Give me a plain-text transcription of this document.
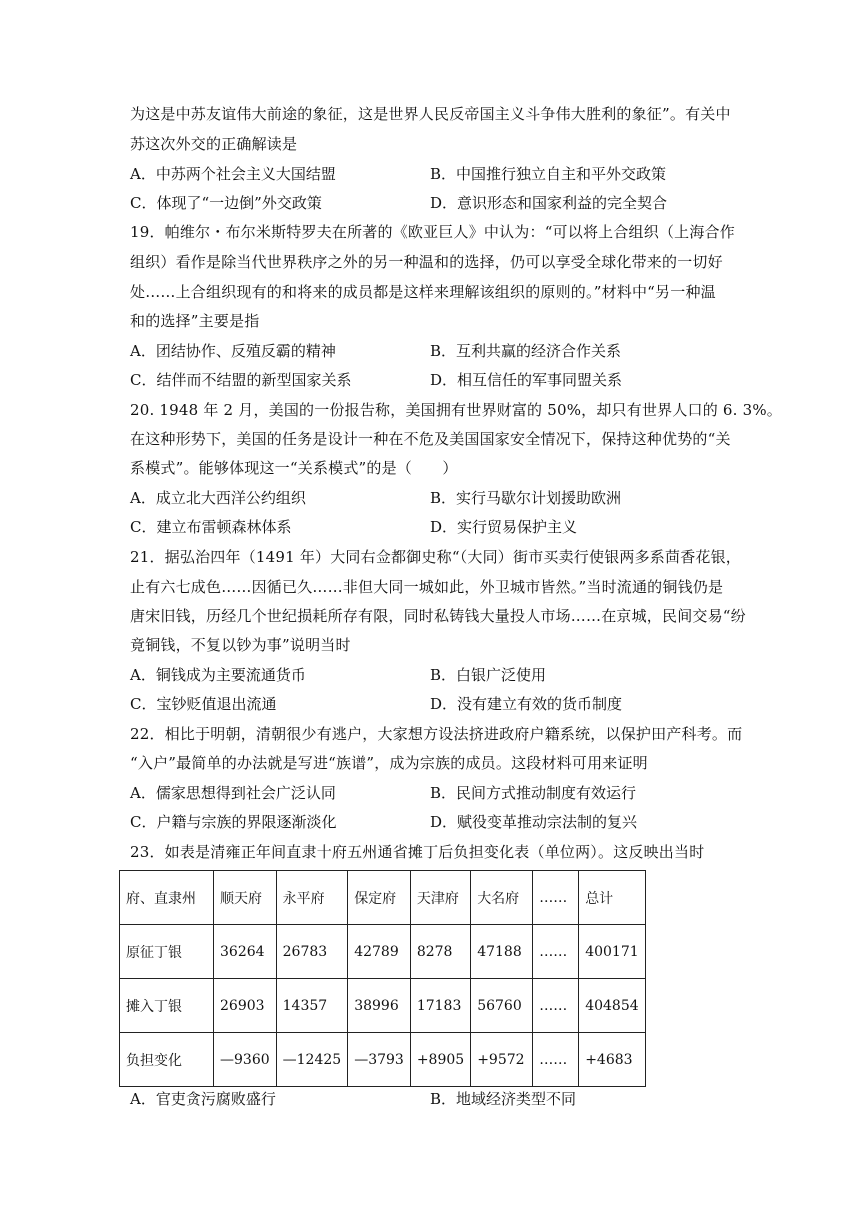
为这是中苏友谊伟大前途的象征，这是世界人民反帝国主义斗争伟大胜利的象征”。有关中
苏这次外交的正确解读是
A．中苏两个社会主义大国结盟	B．中国推行独立自主和平外交政策
C．体现了“一边倒”外交政策	D．意识形态和国家利益的完全契合
19．帕维尔・布尔米斯特罗夫在所著的《欧亚巨人》中认为：“可以将上合组织（上海合作
组织）看作是除当代世界秩序之外的另一种温和的选择，仍可以享受全球化带来的一切好
处……上合组织现有的和将来的成员都是这样来理解该组织的原则的。”材料中“另一种温
和的选择”主要是指
A．团结协作、反殖反霸的精神	B．互利共赢的经济合作关系
C．结伴而不结盟的新型国家关系	D．相互信任的军事同盟关系
20. 1948 年 2 月，美国的一份报告称，美国拥有世界财富的 50%，却只有世界人口的 6. 3%。
在这种形势下，美国的任务是设计一种在不危及美国国家安全情况下，保持这种优势的“关
系模式”。能够体现这一“关系模式”的是（　　）
A．成立北大西洋公约组织	B．实行马歇尔计划援助欧洲
C．建立布雷顿森林体系	D．实行贸易保护主义
21．据弘治四年（1491 年）大同右佥都御史称“（大同）街市买卖行使银两多系茴香花银，
止有六七成色……因循已久……非但大同一城如此，外卫城市皆然。”当时流通的铜钱仍是
唐宋旧钱，历经几个世纪损耗所存有限，同时私铸钱大量投人市场……在京城，民间交易“纷
竟铜钱，不复以钞为事”说明当时
A．铜钱成为主要流通货币	B．白银广泛使用
C．宝钞贬值退出流通	D．没有建立有效的货币制度
22．相比于明朝，清朝很少有逃户，大家想方设法挤进政府户籍系统，以保护田产科考。而
“入户”最简单的办法就是写进“族谱”，成为宗族的成员。这段材料可用来证明
A．儒家思想得到社会广泛认同	B．民间方式推动制度有效运行
C．户籍与宗族的界限逐渐淡化	D．赋役变革推动宗法制的复兴
23．如表是清雍正年间直隶十府五州通省摊丁后负担变化表（单位两）。这反映出当时
府、直隶州	顺天府	永平府	保定府	天津府	大名府	……	总计
原征丁银	36264	26783	42789	8278	47188	……	400171
摊入丁银	26903	14357	38996	17183	56760	……	404854
负担变化	—9360	—12425	—3793	+8905	+9572	……	+4683
A．官吏贪污腐败盛行	B．地域经济类型不同
